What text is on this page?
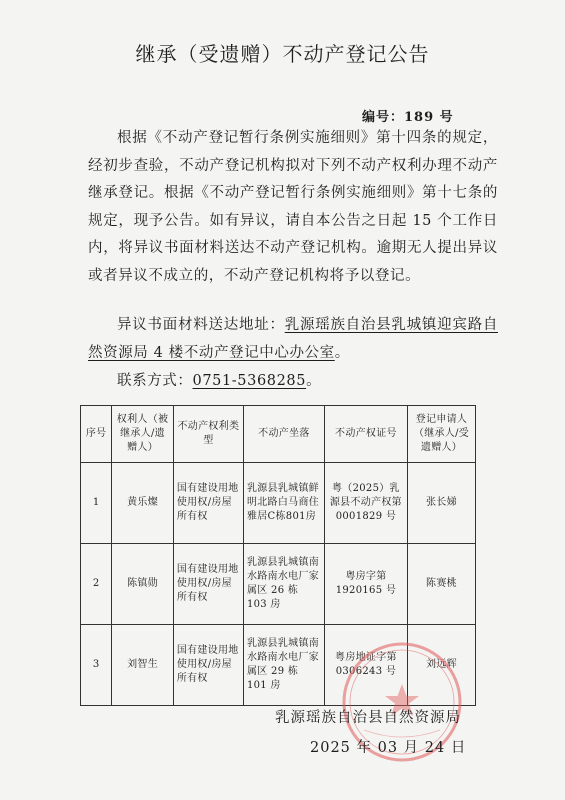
继承（受遗赠）不动产登记公告
编号：189 号
根据《不动产登记暂行条例实施细则》第十四条的规定，经初步查验，不动产登记机构拟对下列不动产权利办理不动产继承登记。根据《不动产登记暂行条例实施细则》第十七条的规定，现予公告。如有异议，请自本公告之日起 15 个工作日内，将异议书面材料送达不动产登记机构。逾期无人提出异议或者异议不成立的，不动产登记机构将予以登记。
异议书面材料送达地址：乳源瑶族自治县乳城镇迎宾路自然资源局 4 楼不动产登记中心办公室。
联系方式：0751-5368285。
序号	权利人（被继承人/遗赠人）	不动产权利类型	不动产坐落	不动产权证号	登记申请人（继承人/受遗赠人）
1	黄乐燦	国有建设用地使用权/房屋所有权	乳源县乳城镇鲜明北路白马商住雅居C栋801房	粤（2025）乳源县不动产权第 0001829 号	张长娣
2	陈镇勋	国有建设用地使用权/房屋所有权	乳源县乳城镇南水路南水电厂家属区 26 栋 103 房	粤房字第 1920165 号	陈赛桃
3	刘智生	国有建设用地使用权/房屋所有权	乳源县乳城镇南水路南水电厂家属区 29 栋 101 房	粤房地证字第 0306243 号	刘远辉
乳源瑶族自治县自然资源局
2025 年 03 月 24 日
